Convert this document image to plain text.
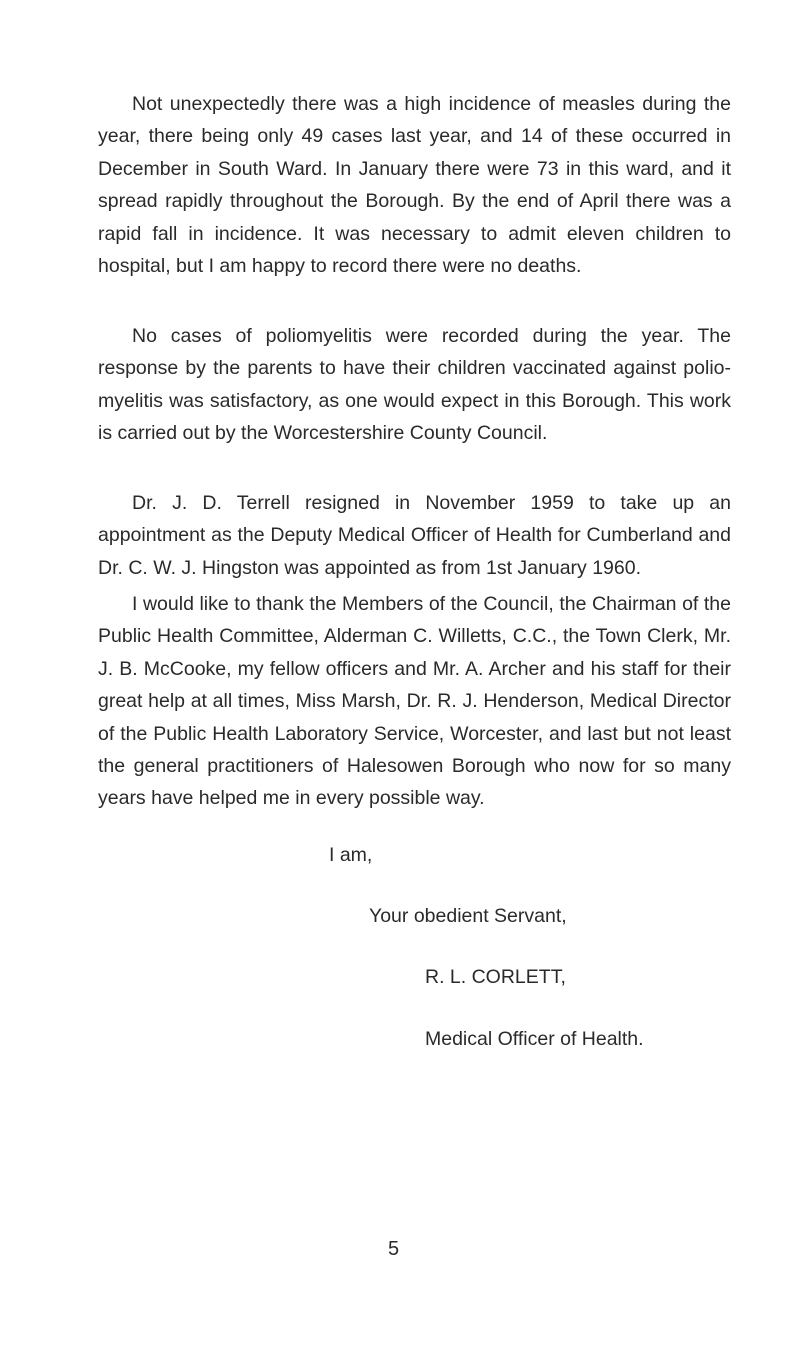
Not unexpectedly there was a high incidence of measles during the year, there being only 49 cases last year, and 14 of these occurred in December in South Ward. In January there were 73 in this ward, and it spread rapidly throughout the Borough. By the end of April there was a rapid fall in incidence. It was necessary to admit eleven children to hospital, but I am happy to record there were no deaths.

No cases of poliomyelitis were recorded during the year. The response by the parents to have their children vaccinated against polio-myelitis was satisfactory, as one would expect in this Borough. This work is carried out by the Worcestershire County Council.

Dr. J. D. Terrell resigned in November 1959 to take up an appointment as the Deputy Medical Officer of Health for Cumberland and Dr. C. W. J. Hingston was appointed as from 1st January 1960.

I would like to thank the Members of the Council, the Chairman of the Public Health Committee, Alderman C. Willetts, C.C., the Town Clerk, Mr. J. B. McCooke, my fellow officers and Mr. A. Archer and his staff for their great help at all times, Miss Marsh, Dr. R. J. Henderson, Medical Director of the Public Health Laboratory Service, Worcester, and last but not least the general practitioners of Halesowen Borough who now for so many years have helped me in every possible way.

I am,

Your obedient Servant,

R. L. CORLETT,

Medical Officer of Health.

5
